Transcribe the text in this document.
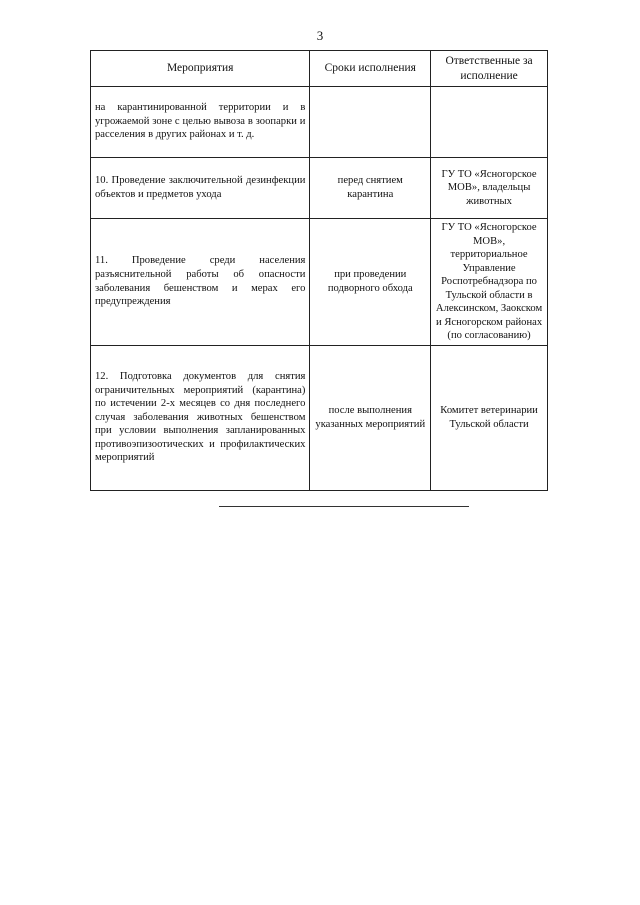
3
Мероприятия	Сроки исполнения	Ответственные за исполнение
на карантинированной территории и в угрожаемой зоне с целью вывоза в зоопарки и расселения в других районах и т. д.		
10. Проведение заключительной дезинфекции объектов и предметов ухода	перед снятием карантина	ГУ ТО «Ясногорское МОВ», владельцы животных
11. Проведение среди населения разъяснительной работы об опасности заболевания бешенством и мерах его предупреждения	при проведении подворного обхода	ГУ ТО «Ясногорское МОВ», территориальное Управление Роспотребнадзора по Тульской области в Алексинском, Заокском и Ясногорском районах (по согласованию)
12. Подготовка документов для снятия ограничительных мероприятий (карантина) по истечении 2-х месяцев со дня последнего случая заболевания животных бешенством при условии выполнения запланированных противоэпизоотических и профилактических мероприятий	после выполнения указанных мероприятий	Комитет ветеринарии Тульской области
